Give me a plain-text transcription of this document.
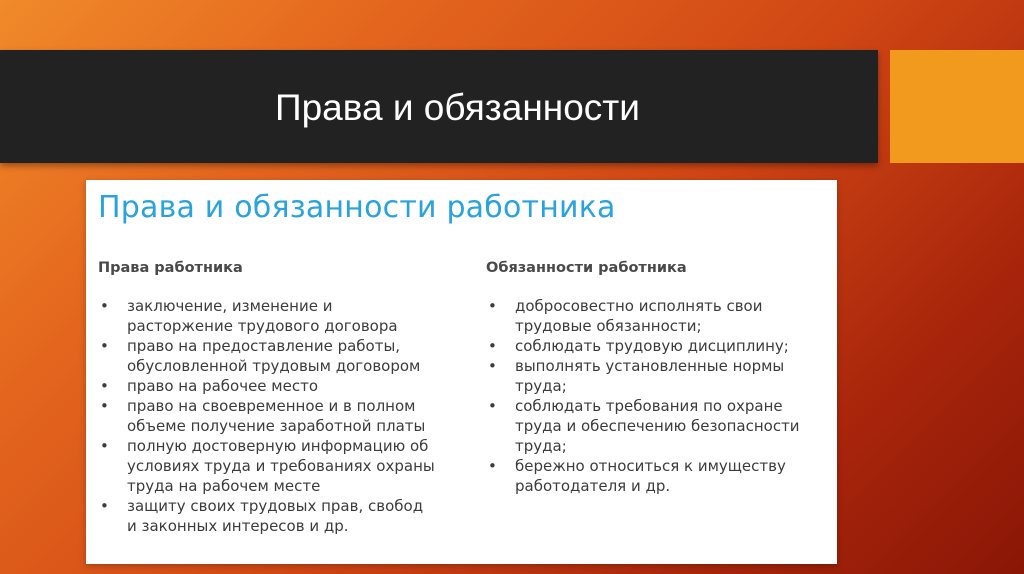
Права и обязанности
Права и обязанности работника
Права работника
• заключение, изменение и
расторжение трудового договора
• право на предоставление работы,
обусловленной трудовым договором
• право на рабочее место
• право на своевременное и в полном
объеме получение заработной платы
• полную достоверную информацию об
условиях труда и требованиях охраны
труда на рабочем месте
• защиту своих трудовых прав, свобод
и законных интересов и др.
Обязанности работника
• добросовестно исполнять свои
трудовые обязанности;
• соблюдать трудовую дисциплину;
• выполнять установленные нормы
труда;
• соблюдать требования по охране
труда и обеспечению безопасности
труда;
• бережно относиться к имуществу
работодателя и др.
